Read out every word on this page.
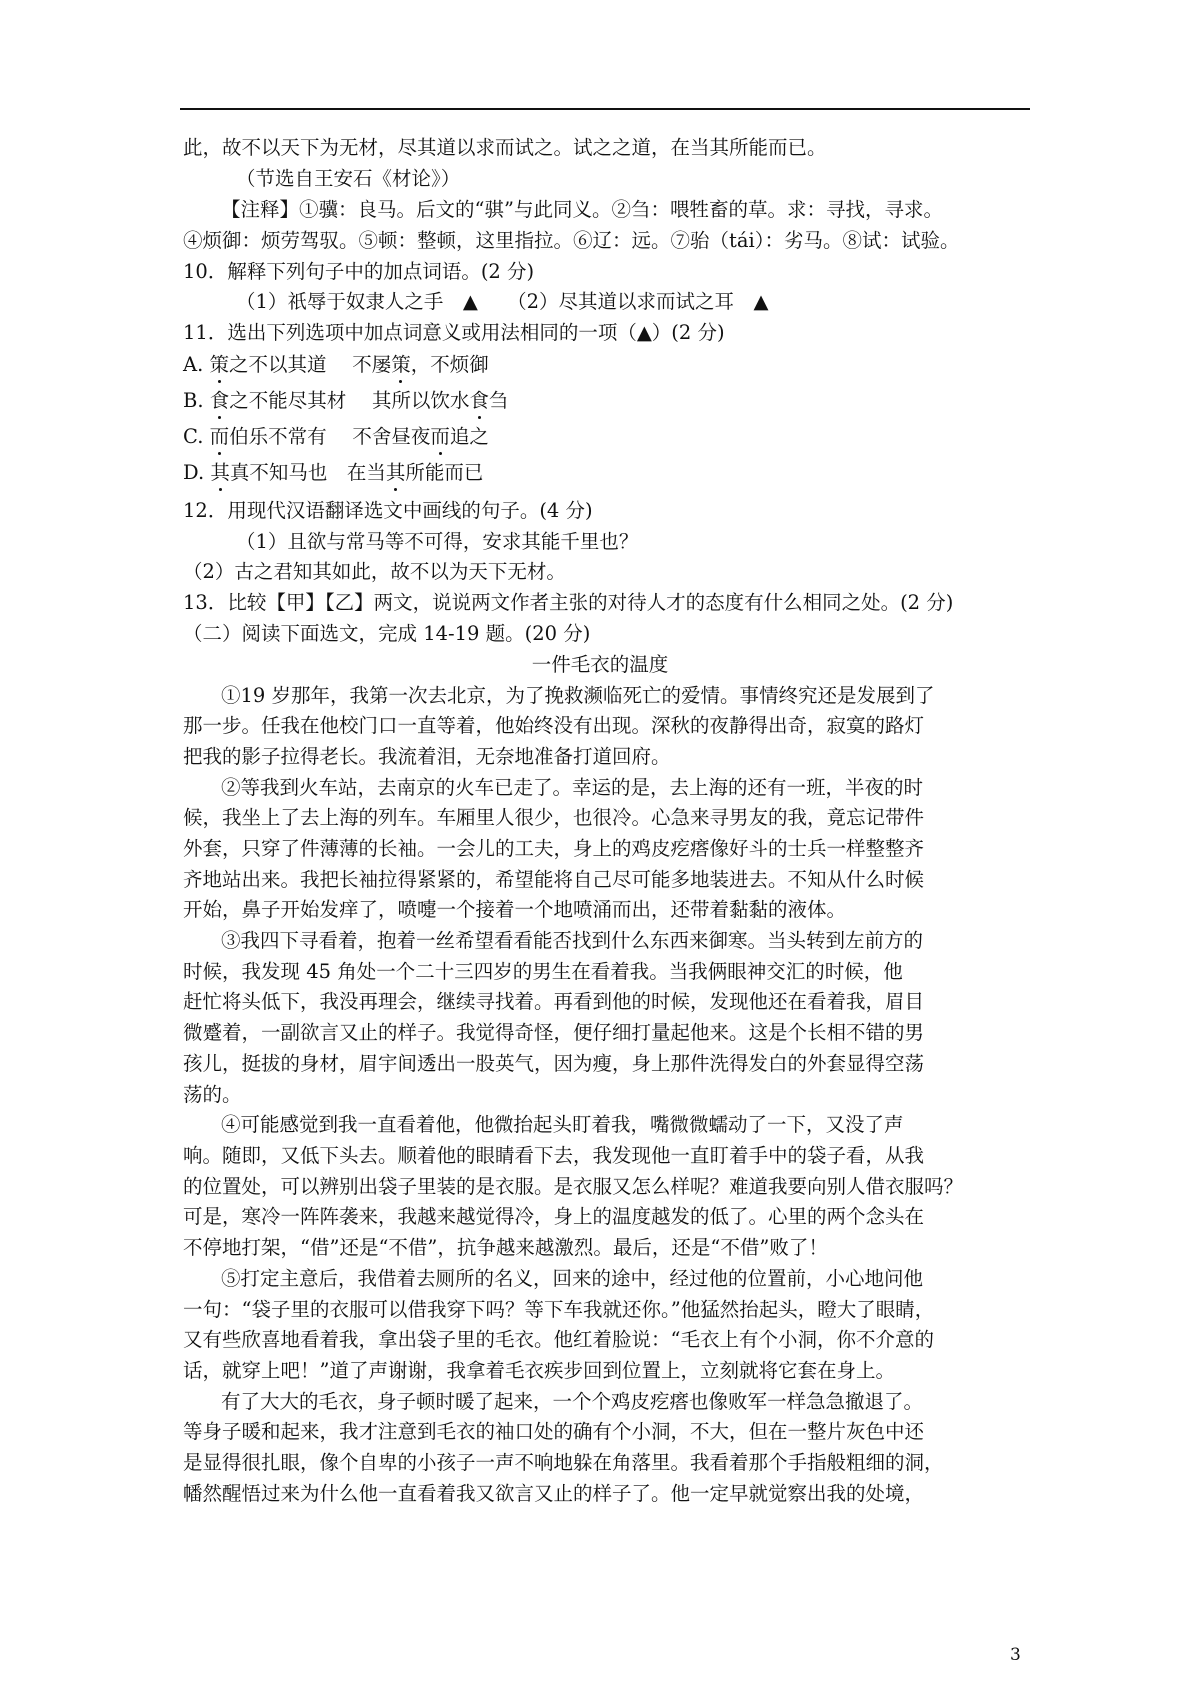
此，故不以天下为无材，尽其道以求而试之。试之之道，在当其所能而已。
（节选自王安石《材论》）
【注释】①骥：良马。后文的“骐”与此同义。②刍：喂牲畜的草。求：寻找，寻求。
④烦御：烦劳驾驭。⑤顿：整顿，这里指拉。⑥辽：远。⑦骀（tái）：劣马。⑧试：试验。
10．解释下列句子中的加点词语。(2 分)
（1）祇辱于奴隶人之手　▲　　（2）尽其道以求而试之耳　▲
11．选出下列选项中加点词意义或用法相同的一项（▲）(2 分)
A. 策之不以其道　 不屡策，不烦御
B. 食之不能尽其材　 其所以饮水食刍
C. 而伯乐不常有　 不舍昼夜而追之
D. 其真不知马也　在当其所能而已
12．用现代汉语翻译选文中画线的句子。(4 分)
（1）且欲与常马等不可得，安求其能千里也？
（2）古之君知其如此，故不以为天下无材。
13．比较【甲】【乙】两文，说说两文作者主张的对待人才的态度有什么相同之处。(2 分)
（二）阅读下面选文，完成 14-19 题。(20 分)
一件毛衣的温度
①19 岁那年，我第一次去北京，为了挽救濒临死亡的爱情。事情终究还是发展到了
那一步。任我在他校门口一直等着，他始终没有出现。深秋的夜静得出奇，寂寞的路灯
把我的影子拉得老长。我流着泪，无奈地准备打道回府。
②等我到火车站，去南京的火车已走了。幸运的是，去上海的还有一班，半夜的时
候，我坐上了去上海的列车。车厢里人很少，也很冷。心急来寻男友的我，竟忘记带件
外套，只穿了件薄薄的长袖。一会儿的工夫，身上的鸡皮疙瘩像好斗的士兵一样整整齐
齐地站出来。我把长袖拉得紧紧的，希望能将自己尽可能多地装进去。不知从什么时候
开始，鼻子开始发痒了，喷嚏一个接着一个地喷涌而出，还带着黏黏的液体。
③我四下寻看着，抱着一丝希望看看能否找到什么东西来御寒。当头转到左前方的
时候，我发现 45 角处一个二十三四岁的男生在看着我。当我俩眼神交汇的时候，他
赶忙将头低下，我没再理会，继续寻找着。再看到他的时候，发现他还在看着我，眉目
微蹙着，一副欲言又止的样子。我觉得奇怪，便仔细打量起他来。这是个长相不错的男
孩儿，挺拔的身材，眉宇间透出一股英气，因为瘦，身上那件洗得发白的外套显得空荡
荡的。
④可能感觉到我一直看着他，他微抬起头盯着我，嘴微微蠕动了一下，又没了声
响。随即，又低下头去。顺着他的眼睛看下去，我发现他一直盯着手中的袋子看，从我
的位置处，可以辨别出袋子里装的是衣服。是衣服又怎么样呢？难道我要向别人借衣服吗？
可是，寒冷一阵阵袭来，我越来越觉得冷，身上的温度越发的低了。心里的两个念头在
不停地打架，“借”还是“不借”，抗争越来越激烈。最后，还是“不借”败了！
⑤打定主意后，我借着去厕所的名义，回来的途中，经过他的位置前，小心地问他
一句：“袋子里的衣服可以借我穿下吗？等下车我就还你。”他猛然抬起头，瞪大了眼睛，
又有些欣喜地看着我，拿出袋子里的毛衣。他红着脸说：“毛衣上有个小洞，你不介意的
话，就穿上吧！”道了声谢谢，我拿着毛衣疾步回到位置上，立刻就将它套在身上。
有了大大的毛衣，身子顿时暖了起来，一个个鸡皮疙瘩也像败军一样急急撤退了。
等身子暖和起来，我才注意到毛衣的袖口处的确有个小洞，不大，但在一整片灰色中还
是显得很扎眼，像个自卑的小孩子一声不响地躲在角落里。我看着那个手指般粗细的洞，
幡然醒悟过来为什么他一直看着我又欲言又止的样子了。他一定早就觉察出我的处境，
3
